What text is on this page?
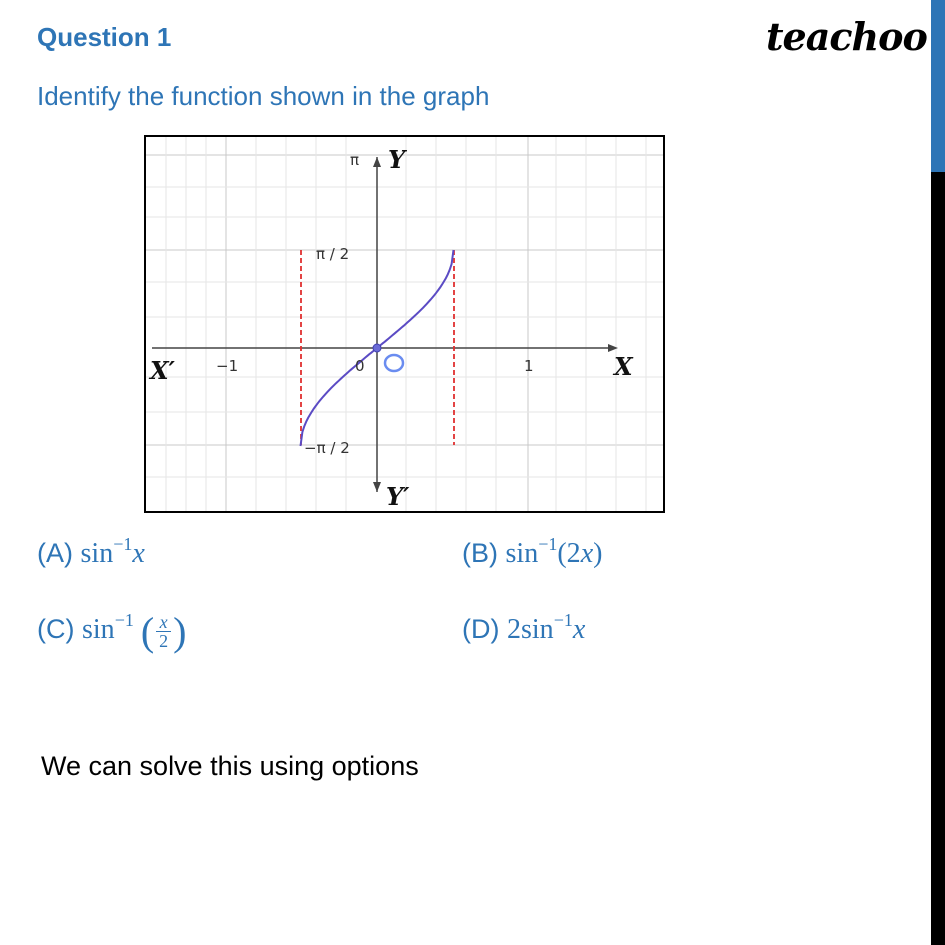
Question 1	teachoo
Identify the function shown in the graph
π Y
π / 2
X′	−1	0	1	X
−π / 2
Y′
(A) $\sin^{-1}x$	(B) $\sin^{-1}(2x)$
(C) $\sin^{-1}$ ( $\frac{x}{2}$ )	(D) $2\sin^{-1}x$
We can solve this using options
